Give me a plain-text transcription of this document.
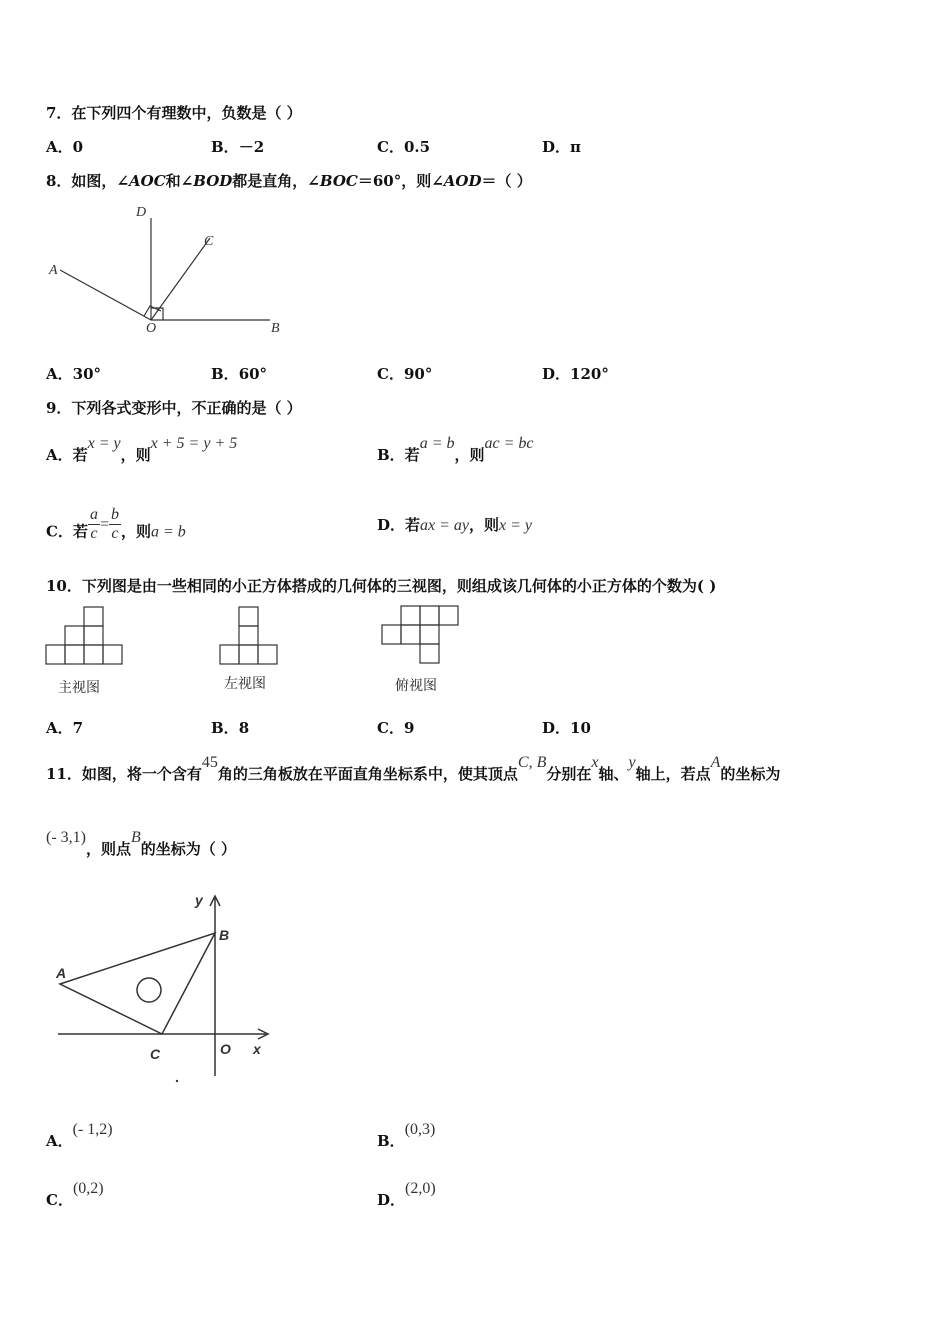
7．在下列四个有理数中，负数是（ ）
A．0	B．－2	C．0.5	D．π
8．如图，∠AOC和∠BOD都是直角，∠BOC＝60°，则∠AOD＝（ ）
D
C
A
O	B
A．30°	B．60°	C．90°	D．120°
9．下列各式变形中，不正确的是（ ）
A．若x = y，则x + 5 = y + 5
B．若a = b，则ac = bc
C．若 $\frac{a}{c} = \frac{b}{c}$ ，则a = b	D．若ax = ay，则x = y
10．下列图是由一些相同的小正方体搭成的几何体的三视图，则组成该几何体的小正方体的个数为( )
主视图	左视图	俯视图
A．7	B．8	C．9	D．10
11．如图，将一个含有45角的三角板放在平面直角坐标系中，使其顶点C, B分别在x轴、y轴上，若点A的坐标为
(- 3,1)，则点B的坐标为（ ）
y
B
A
C	O x
A．(- 1,2)
B．(0,3)
C．(0,2)
D．(2,0)
